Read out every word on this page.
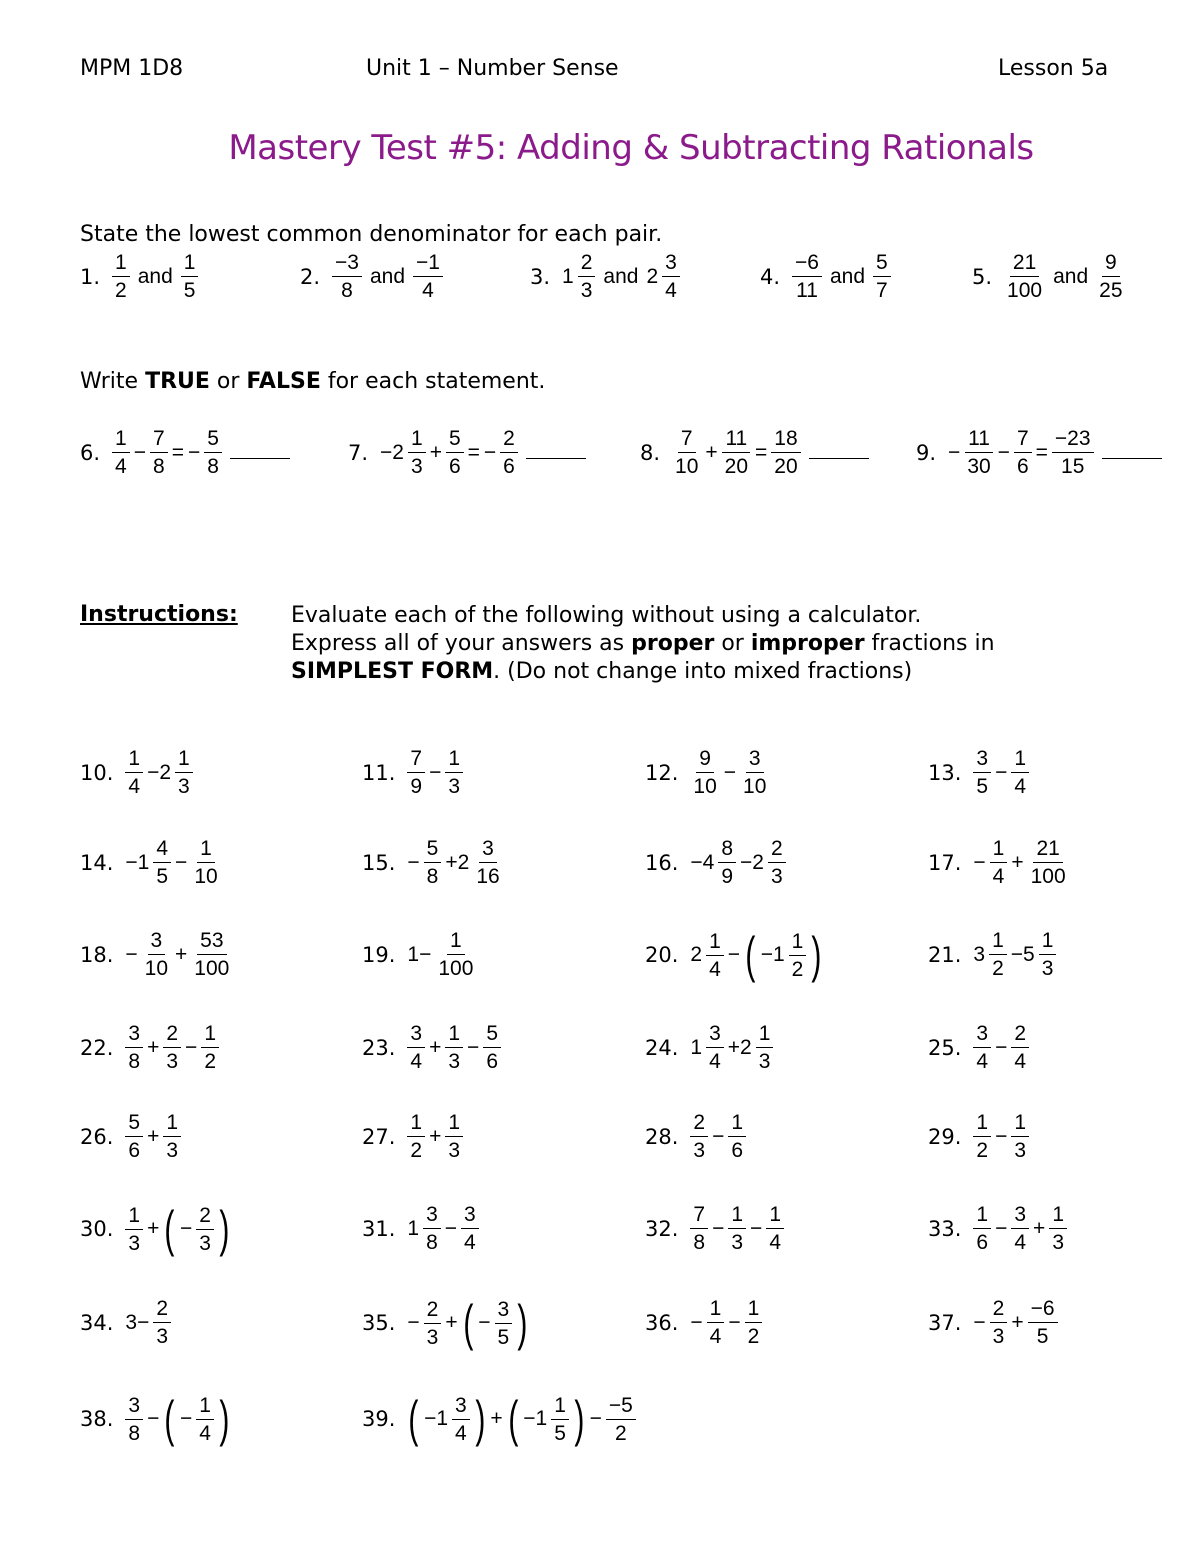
MPM 1D8	Unit 1 – Number Sense	Lesson 5a
Mastery Test #5: Adding & Subtracting Rationals
State the lowest common denominator for each pair.
1. $\frac{1}{2}$ and $\frac{1}{5}$	2. $\frac{-3}{8}$ and $\frac{-1}{4}$	3. $1 \frac{2}{3}$ and $2 \frac{3}{4}$	4. $\frac{-6}{11}$ and $\frac{5}{7}$	5. $\frac{21}{100}$ and $\frac{9}{25}$
Write TRUE or FALSE for each statement.
6. $\frac{1}{4} - \frac{7}{8}$ = − $\frac{5}{8}$	7. $-2 \frac{1}{3} + \frac{5}{6}$ = − $\frac{2}{6}$	8. $\frac{7}{10} + \frac{11}{20} = \frac{18}{20}$	9. − $\frac{11}{30} - \frac{7}{6} = \frac{-23}{15}$
Instructions: Evaluate each of the following without using a calculator.
Express all of your answers as proper or improper fractions in
SIMPLEST FORM. (Do not change into mixed fractions)
10. $\frac{1}{4} -2 \frac{1}{3}$	11. $\frac{7}{9} - \frac{1}{3}$	12. $\frac{9}{10} - \frac{3}{10}$	13. $\frac{3}{5} - \frac{1}{4}$
14. $-1 \frac{4}{5} - \frac{1}{10}$	15. − $\frac{5}{8} +2 \frac{3}{16}$	16. $-4 \frac{8}{9} -2 \frac{2}{3}$	17. − $\frac{1}{4} + \frac{21}{100}$
18. − $\frac{3}{10} + \frac{53}{100}$	19. $1- \frac{1}{100}$	20. $2 \frac{1}{4}$ − ( $-1 \frac{1}{2}$ )	21. $3 \frac{1}{2} -5 \frac{1}{3}$
22. $\frac{3}{8} + \frac{2}{3} - \frac{1}{2}$	23. $\frac{3}{4} + \frac{1}{3} - \frac{5}{6}$	24. $1 \frac{3}{4} +2 \frac{1}{3}$	25. $\frac{3}{4} - \frac{2}{4}$
26. $\frac{5}{6} + \frac{1}{3}$	27. $\frac{1}{2} + \frac{1}{3}$	28. $\frac{2}{3} - \frac{1}{6}$	29. $\frac{1}{2} - \frac{1}{3}$
30. $\frac{1}{3}$ + ( − $\frac{2}{3}$ )	31. $1 \frac{3}{8} - \frac{3}{4}$	32. $\frac{7}{8} - \frac{1}{3} - \frac{1}{4}$	33. $\frac{1}{6} - \frac{3}{4} + \frac{1}{3}$
34. $3- \frac{2}{3}$	35. − $\frac{2}{3}$ + ( − $\frac{3}{5}$ )	36. − $\frac{1}{4} - \frac{1}{2}$	37. − $\frac{2}{3} + \frac{-6}{5}$
38. $\frac{3}{8}$ − ( − $\frac{1}{4}$ )	39. ( $-1 \frac{3}{4}$ ) + ( $-1 \frac{1}{5}$ ) − $\frac{-5}{2}$
